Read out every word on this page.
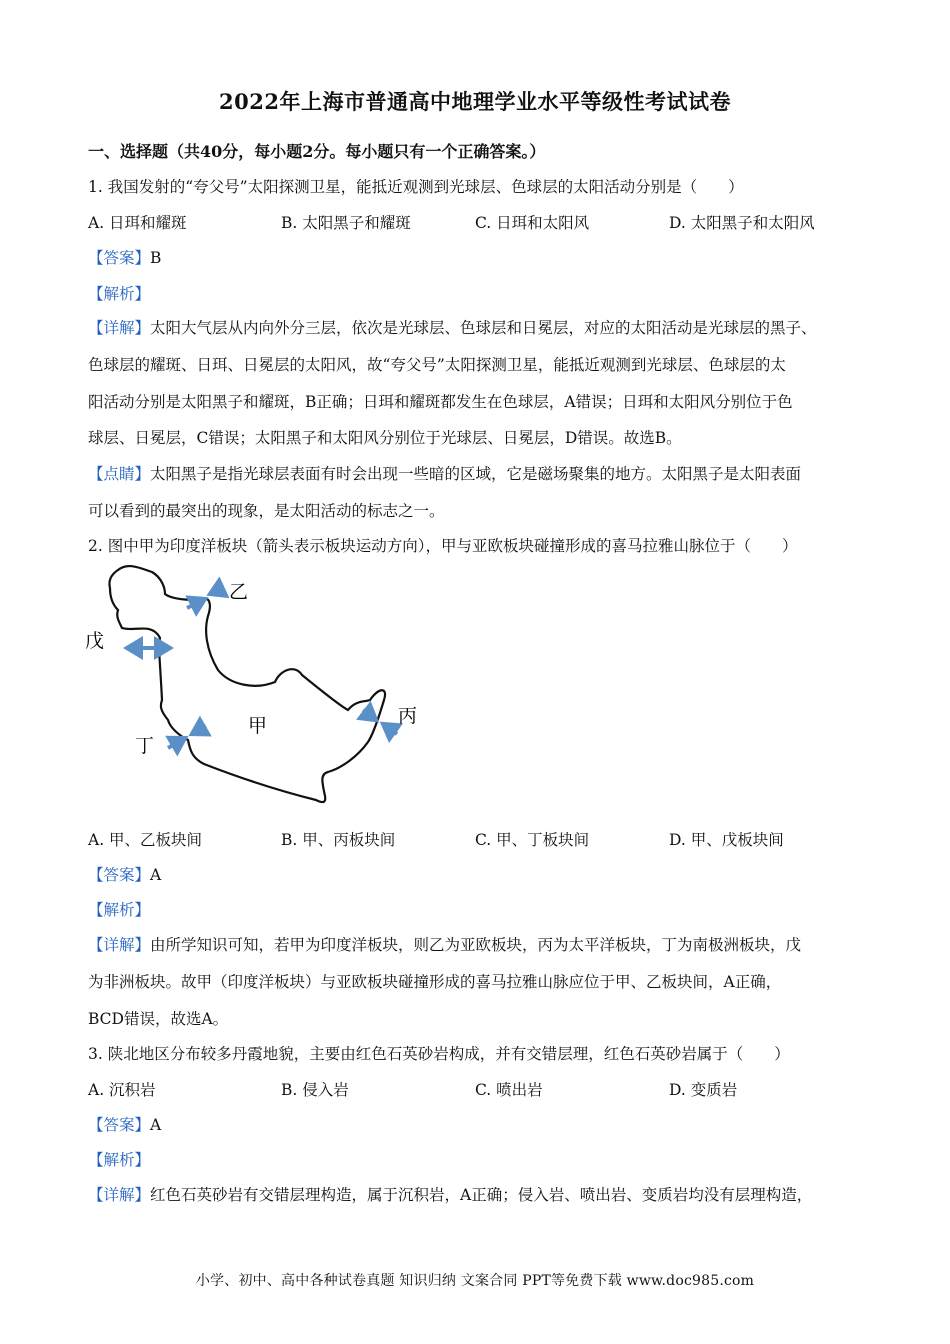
2022年上海市普通高中地理学业水平等级性考试试卷
一、选择题（共40分，每小题2分。每小题只有一个正确答案。）
1. 我国发射的“夸父号”太阳探测卫星，能抵近观测到光球层、色球层的太阳活动分别是（　　）
A. 日珥和耀斑	B. 太阳黑子和耀斑	C. 日珥和太阳风	D. 太阳黑子和太阳风
【答案】B
【解析】
【详解】太阳大气层从内向外分三层，依次是光球层、色球层和日冕层，对应的太阳活动是光球层的黑子、
色球层的耀斑、日珥、日冕层的太阳风，故“夸父号”太阳探测卫星，能抵近观测到光球层、色球层的太
阳活动分别是太阳黑子和耀斑，B正确；日珥和耀斑都发生在色球层，A错误；日珥和太阳风分别位于色
球层、日冕层，C错误；太阳黑子和太阳风分别位于光球层、日冕层，D错误。故选B。
【点睛】太阳黑子是指光球层表面有时会出现一些暗的区域，它是磁场聚集的地方。太阳黑子是太阳表面
可以看到的最突出的现象，是太阳活动的标志之一。
2. 图中甲为印度洋板块（箭头表示板块运动方向），甲与亚欧板块碰撞形成的喜马拉雅山脉位于（　　）
乙
戊
丙
甲
丁
A. 甲、乙板块间	B. 甲、丙板块间	C. 甲、丁板块间	D. 甲、戊板块间
【答案】A
【解析】
【详解】由所学知识可知，若甲为印度洋板块，则乙为亚欧板块，丙为太平洋板块，丁为南极洲板块，戊
为非洲板块。故甲（印度洋板块）与亚欧板块碰撞形成的喜马拉雅山脉应位于甲、乙板块间，A正确，
BCD错误，故选A。
3. 陕北地区分布较多丹霞地貌，主要由红色石英砂岩构成，并有交错层理，红色石英砂岩属于（　　）
A. 沉积岩	B. 侵入岩	C. 喷出岩	D. 变质岩
【答案】A
【解析】
【详解】红色石英砂岩有交错层理构造，属于沉积岩，A正确；侵入岩、喷出岩、变质岩均没有层理构造，
小学、初中、高中各种试卷真题 知识归纳 文案合同 PPT等免费下载 www.doc985.com
